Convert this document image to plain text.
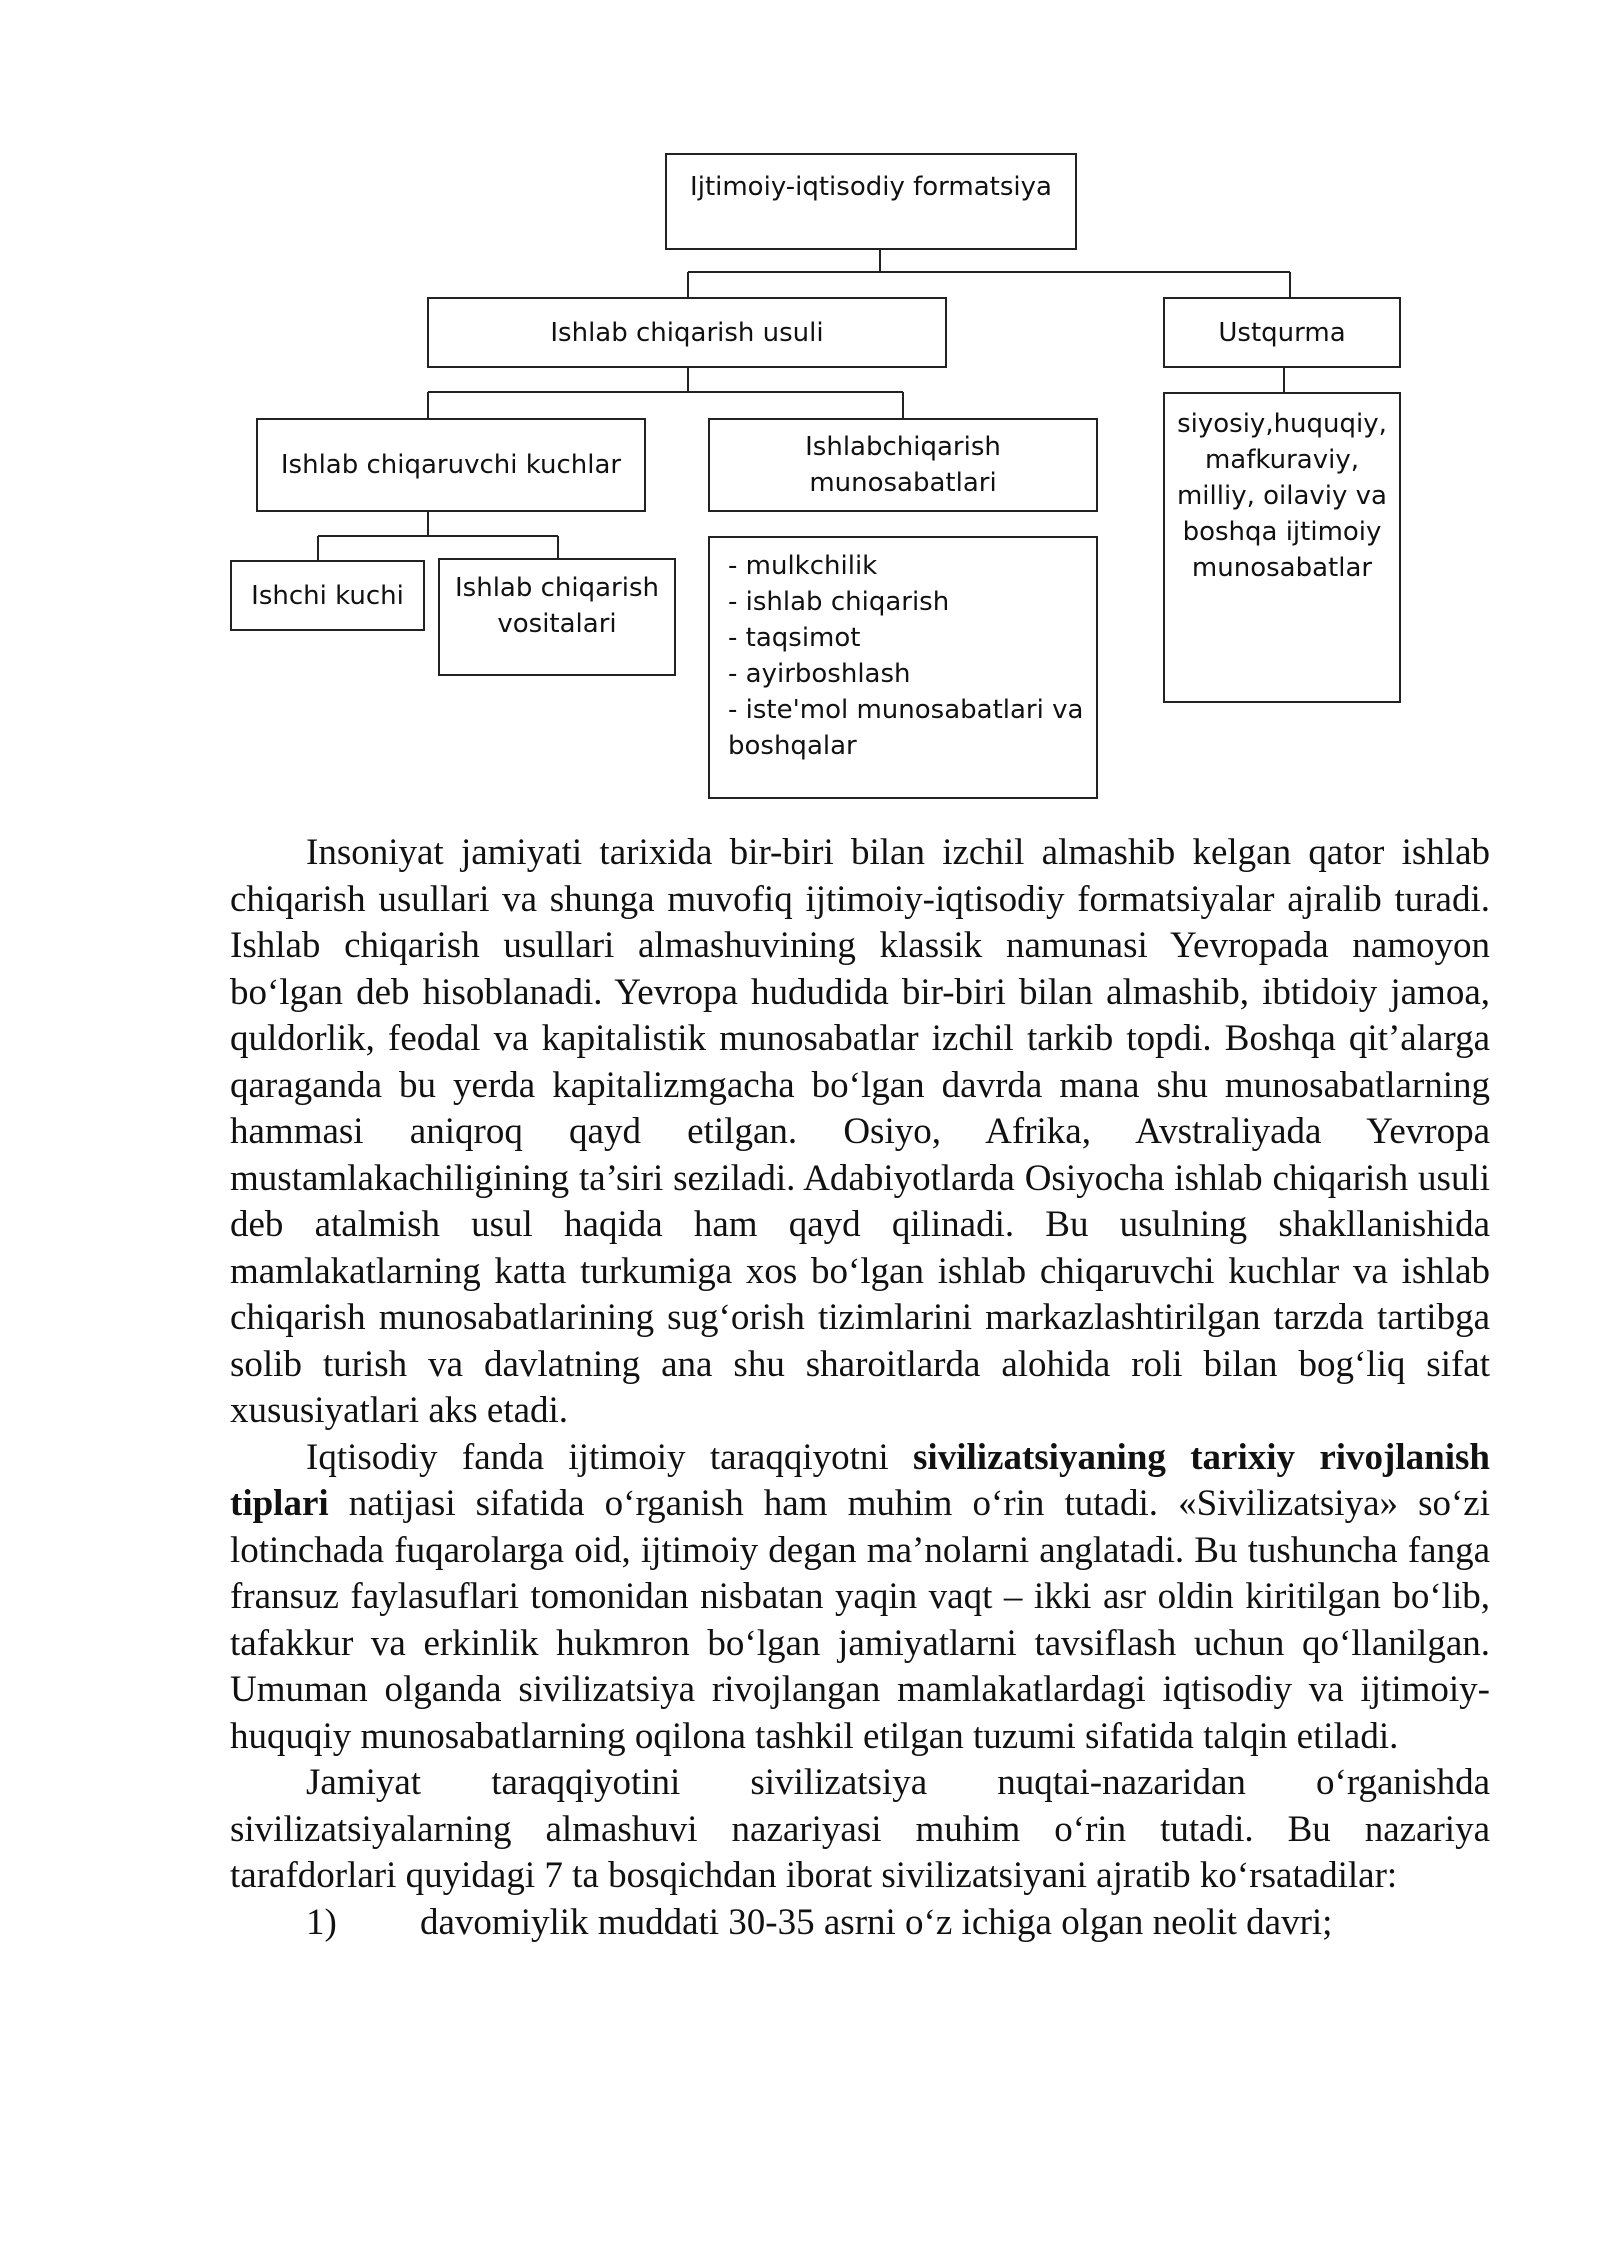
Ijtimoiy-iqtisodiy formatsiya
Ishlab chiqarish usuli	Ustqurma
Ishlab chiqaruvchi kuchlar
Ishlabchiqarish
munosabatlari
Ishchi kuchi	Ishlab chiqarish
vositalari
- mulkchilik
- ishlab chiqarish
- taqsimot
- ayirboshlash
- iste'mol munosabatlari va
boshqalar
siyosiy,huquqiy,
mafkuraviy,
milliy, oilaviy va
boshqa ijtimoiy
munosabatlar

Insoniyat jamiyati tarixida bir-biri bilan izchil almashib kelgan qator ishlab chiqarish usullari va shunga muvofiq ijtimoiy-iqtisodiy formatsiyalar ajralib turadi. Ishlab chiqarish usullari almashuvining klassik namunasi Yevropada namoyon bo‘lgan deb hisoblanadi. Yevropa hududida bir-biri bilan almashib, ibtidoiy jamoa, quldorlik, feodal va kapitalistik munosabatlar izchil tarkib topdi. Boshqa qit’alarga qaraganda bu yerda kapitalizmgacha bo‘lgan davrda mana shu munosabatlarning hammasi aniqroq qayd etilgan. Osiyo, Afrika, Avstraliyada Yevropa mustamlakachiligining ta’siri seziladi. Adabiyotlarda Osiyocha ishlab chiqarish usuli deb atalmish usul haqida ham qayd qilinadi. Bu usulning shakllanishida mamlakatlarning katta turkumiga xos bo‘lgan ishlab chiqaruvchi kuchlar va ishlab chiqarish munosabatlarining sug‘orish tizimlarini markazlashtirilgan tarzda tartibga solib turish va davlatning ana shu sharoitlarda alohida roli bilan bog‘liq sifat xususiyatlari aks etadi.

Iqtisodiy fanda ijtimoiy taraqqiyotni sivilizatsiyaning tarixiy rivojlanish tiplari natijasi sifatida o‘rganish ham muhim o‘rin tutadi. «Sivilizatsiya» so‘zi lotinchada fuqarolarga oid, ijtimoiy degan ma’nolarni anglatadi. Bu tushuncha fanga fransuz faylasuflari tomonidan nisbatan yaqin vaqt – ikki asr oldin kiritilgan bo‘lib, tafakkur va erkinlik hukmron bo‘lgan jamiyatlarni tavsiflash uchun qo‘llanilgan. Umuman olganda sivilizatsiya rivojlangan mamlakatlardagi iqtisodiy va ijtimoiy-huquqiy munosabatlarning oqilona tashkil etilgan tuzumi sifatida talqin etiladi.

Jamiyat taraqqiyotini sivilizatsiya nuqtai-nazaridan o‘rganishda sivilizatsiyalarning almashuvi nazariyasi muhim o‘rin tutadi. Bu nazariya tarafdorlari quyidagi 7 ta bosqichdan iborat sivilizatsiyani ajratib ko‘rsatadilar:

1)	davomiylik muddati 30-35 asrni o‘z ichiga olgan neolit davri;
